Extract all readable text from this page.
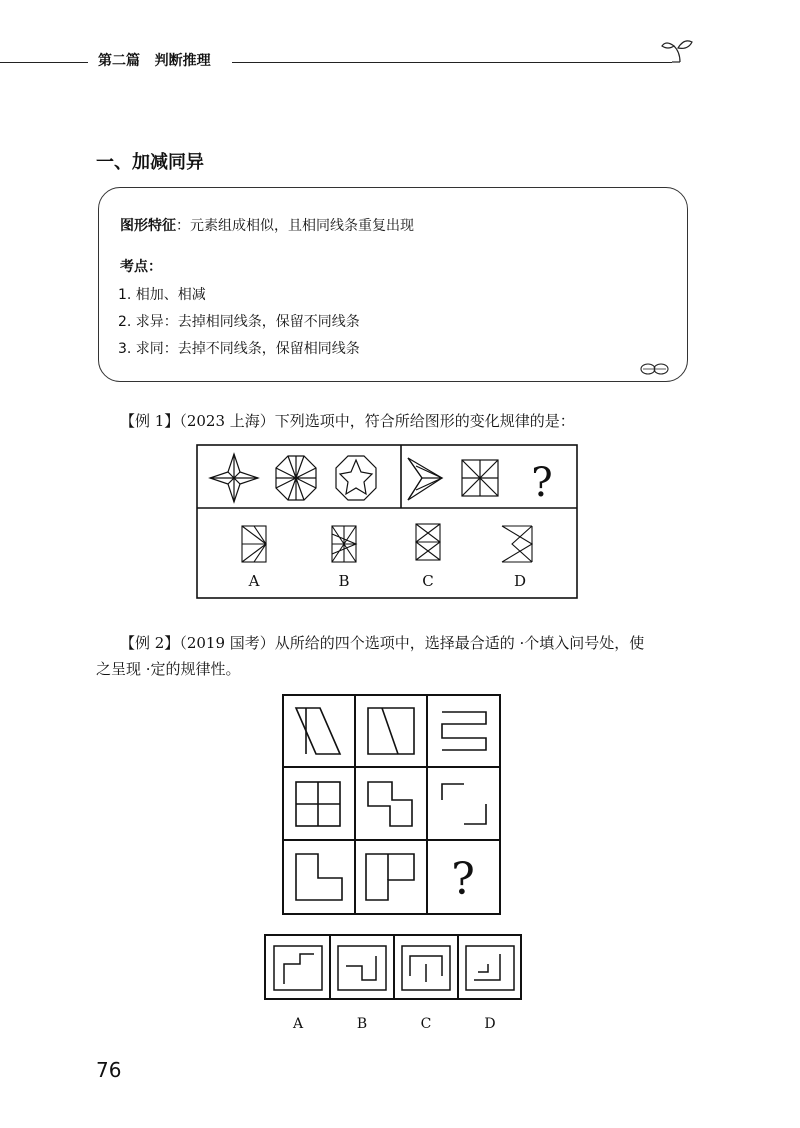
第二篇 判断推理
一、加减同异
图形特征：元素组成相似，且相同线条重复出现
考点：
1. 相加、相减
2. 求异：去掉相同线条，保留不同线条
3. 求同：去掉不同线条，保留相同线条
【例 1】（2023 上海）下列选项中，符合所给图形的变化规律的是：
?
A	B	C	D
【例 2】（2019 国考）从所给的四个选项中，选择最合适的 ·个填入问号处，使
之呈现 ·定的规律性。
?
A	B	C	D
76
